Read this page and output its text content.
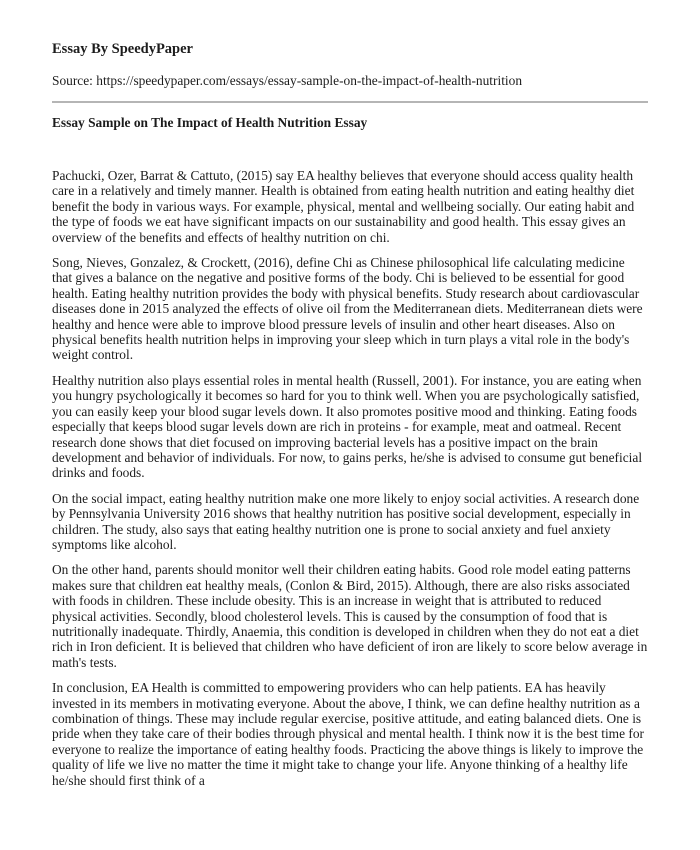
Essay By SpeedyPaper
Source: https://speedypaper.com/essays/essay-sample-on-the-impact-of-health-nutrition
Essay Sample on The Impact of Health Nutrition Essay

Pachucki, Ozer, Barrat & Cattuto, (2015) say EA healthy believes that everyone should access quality health care in a relatively and timely manner. Health is obtained from eating health nutrition and eating healthy diet benefit the body in various ways. For example, physical, mental and wellbeing socially. Our eating habit and the type of foods we eat have significant impacts on our sustainability and good health. This essay gives an overview of the benefits and effects of healthy nutrition on chi.

Song, Nieves, Gonzalez, & Crockett, (2016), define Chi as Chinese philosophical life calculating medicine that gives a balance on the negative and positive forms of the body. Chi is believed to be essential for good health. Eating healthy nutrition provides the body with physical benefits. Study research about cardiovascular diseases done in 2015 analyzed the effects of olive oil from the Mediterranean diets. Mediterranean diets were healthy and hence were able to improve blood pressure levels of insulin and other heart diseases. Also on physical benefits health nutrition helps in improving your sleep which in turn plays a vital role in the body's weight control.

Healthy nutrition also plays essential roles in mental health (Russell, 2001). For instance, you are eating when you hungry psychologically it becomes so hard for you to think well. When you are psychologically satisfied, you can easily keep your blood sugar levels down. It also promotes positive mood and thinking. Eating foods especially that keeps blood sugar levels down are rich in proteins - for example, meat and oatmeal. Recent research done shows that diet focused on improving bacterial levels has a positive impact on the brain development and behavior of individuals. For now, to gains perks, he/she is advised to consume gut beneficial drinks and foods.

On the social impact, eating healthy nutrition make one more likely to enjoy social activities. A research done by Pennsylvania University 2016 shows that healthy nutrition has positive social development, especially in children. The study, also says that eating healthy nutrition one is prone to social anxiety and fuel anxiety symptoms like alcohol.

On the other hand, parents should monitor well their children eating habits. Good role model eating patterns makes sure that children eat healthy meals, (Conlon & Bird, 2015). Although, there are also risks associated with foods in children. These include obesity. This is an increase in weight that is attributed to reduced physical activities. Secondly, blood cholesterol levels. This is caused by the consumption of food that is nutritionally inadequate. Thirdly, Anaemia, this condition is developed in children when they do not eat a diet rich in Iron deficient. It is believed that children who have deficient of iron are likely to score below average in math's tests.

In conclusion, EA Health is committed to empowering providers who can help patients. EA has heavily invested in its members in motivating everyone. About the above, I think, we can define healthy nutrition as a combination of things. These may include regular exercise, positive attitude, and eating balanced diets. One is pride when they take care of their bodies through physical and mental health. I think now it is the best time for everyone to realize the importance of eating healthy foods. Practicing the above things is likely to improve the quality of life we live no matter the time it might take to change your life. Anyone thinking of a healthy life he/she should first think of a
